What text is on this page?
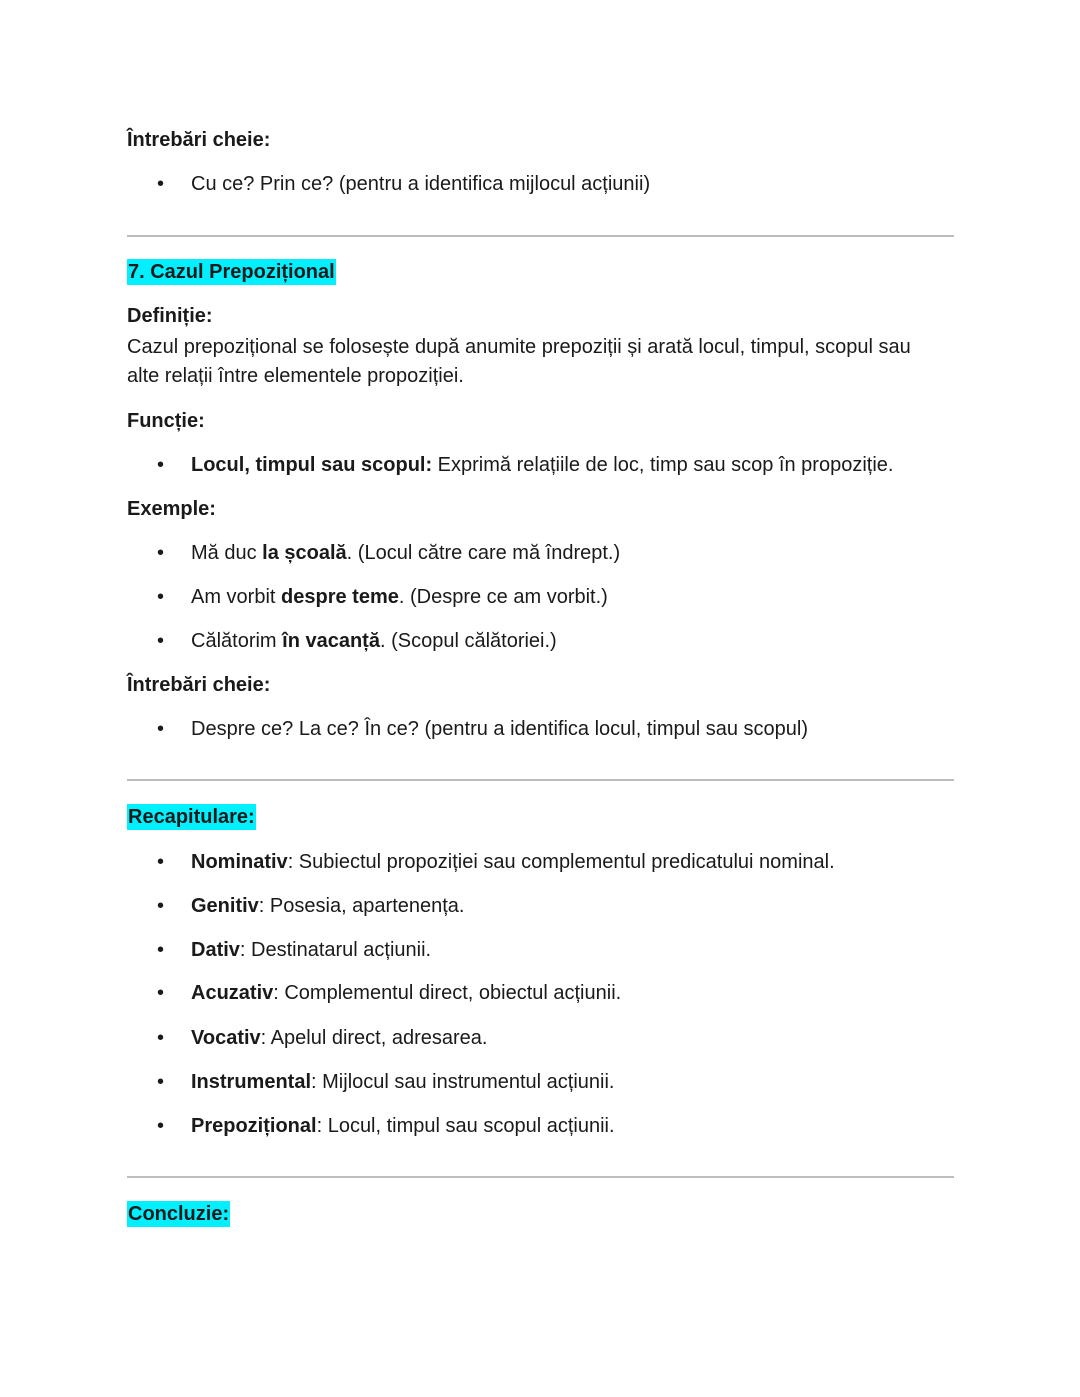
Întrebări cheie:
• Cu ce? Prin ce? (pentru a identifica mijlocul acțiunii)
7. Cazul Prepozițional
Definiție:
Cazul prepozițional se folosește după anumite prepoziții și arată locul, timpul, scopul sau
alte relații între elementele propoziției.
Funcție:
• Locul, timpul sau scopul: Exprimă relațiile de loc, timp sau scop în propoziție.
Exemple:
• Mă duc la școală. (Locul către care mă îndrept.)
• Am vorbit despre teme. (Despre ce am vorbit.)
• Călătorim în vacanță. (Scopul călătoriei.)
Întrebări cheie:
• Despre ce? La ce? În ce? (pentru a identifica locul, timpul sau scopul)
Recapitulare:
• Nominativ: Subiectul propoziției sau complementul predicatului nominal.
• Genitiv: Posesia, apartenența.
• Dativ: Destinatarul acțiunii.
• Acuzativ: Complementul direct, obiectul acțiunii.
• Vocativ: Apelul direct, adresarea.
• Instrumental: Mijlocul sau instrumentul acțiunii.
• Prepozițional: Locul, timpul sau scopul acțiunii.
Concluzie:
